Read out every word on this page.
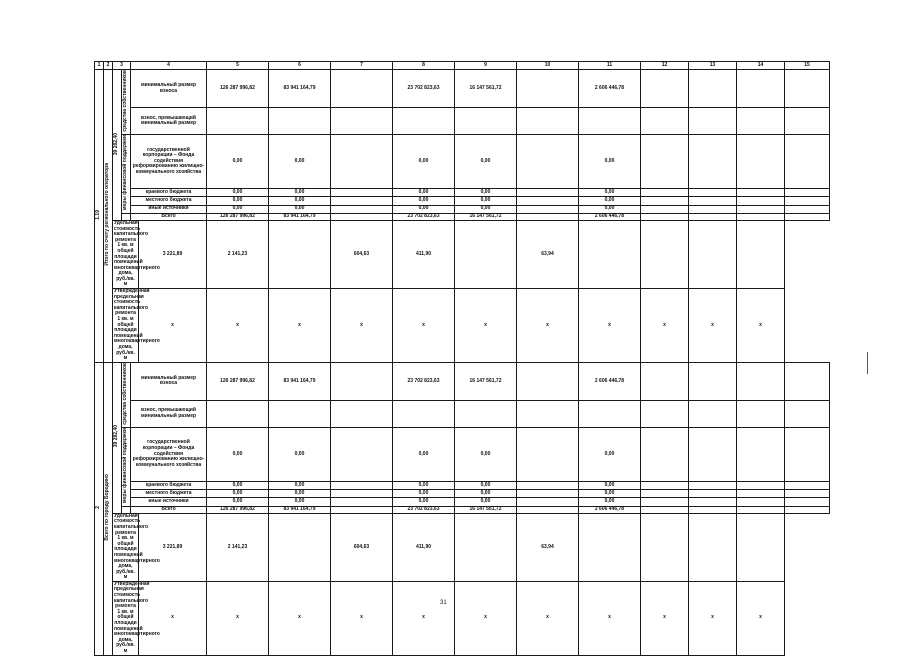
1	2	3		4		5	6	7	8	9	10	11	12	13	14	15
1.19	Итого по счету регионального оператора	39 282,40	средства собственников	минимальный размер взноса		126 287 996,82	83 941 164,79		23 702 823,63	16 147 561,72		2 606 446,78				
				взнос, превышающий минимальный размер												
			меры финансовой поддержки	государственной корпорации – Фонда содействия реформированию жилищно-коммунального хозяйства		0,00	0,00		0,00	0,00		0,00				
				краевого бюджета		0,00	0,00		0,00	0,00		0,00				
				местного бюджета		0,00	0,00		0,00	0,00		0,00				
				иные источники		0,00	0,00		0,00	0,00		0,00				
				Всего		126 287 996,82	83 941 164,79		23 702 823,63	16 147 561,72		2 606 446,78				
		Удельная стоимость капитального ремонта 1 кв. м общей площади помещений многоквартирного дома, руб./кв. м			3 221,89	2 141,23		604,63	411,90		63,94					
		Утвержденная предельная стоимость капитального ремонта 1 кв. м общей площади помещений многоквартирного дома, руб./кв. м			х	х	х	х	х	х	х	х	х	х	х	
2	Всего по городу Бородино	39 282,40	средства собственников	минимальный размер взноса		126 287 996,82	83 941 164,79		23 702 823,63	16 147 561,72		2 606 446,78				
				взнос, превышающий минимальный размер												
			меры финансовой поддержки	государственной корпорации – Фонда содействия реформированию жилищно-коммунального хозяйства		0,00	0,00		0,00	0,00		0,00				
				краевого бюджета		0,00	0,00		0,00	0,00		0,00				
				местного бюджета		0,00	0,00		0,00	0,00		0,00				
				иные источники		0,00	0,00		0,00	0,00		0,00				
				Всего		126 287 996,82	83 941 164,79		23 702 823,63	16 147 561,72		2 606 446,78				
		Удельная стоимость капитального ремонта 1 кв. м общей площади помещений многоквартирного дома, руб./кв. м			3 221,89	2 141,23		604,63	411,90		63,94					
		Утвержденная предельная стоимость капитального ремонта 1 кв. м общей площади помещений многоквартирного дома, руб./кв. м			х	х	х	х	х	х	х	х	х	х	х	
31
